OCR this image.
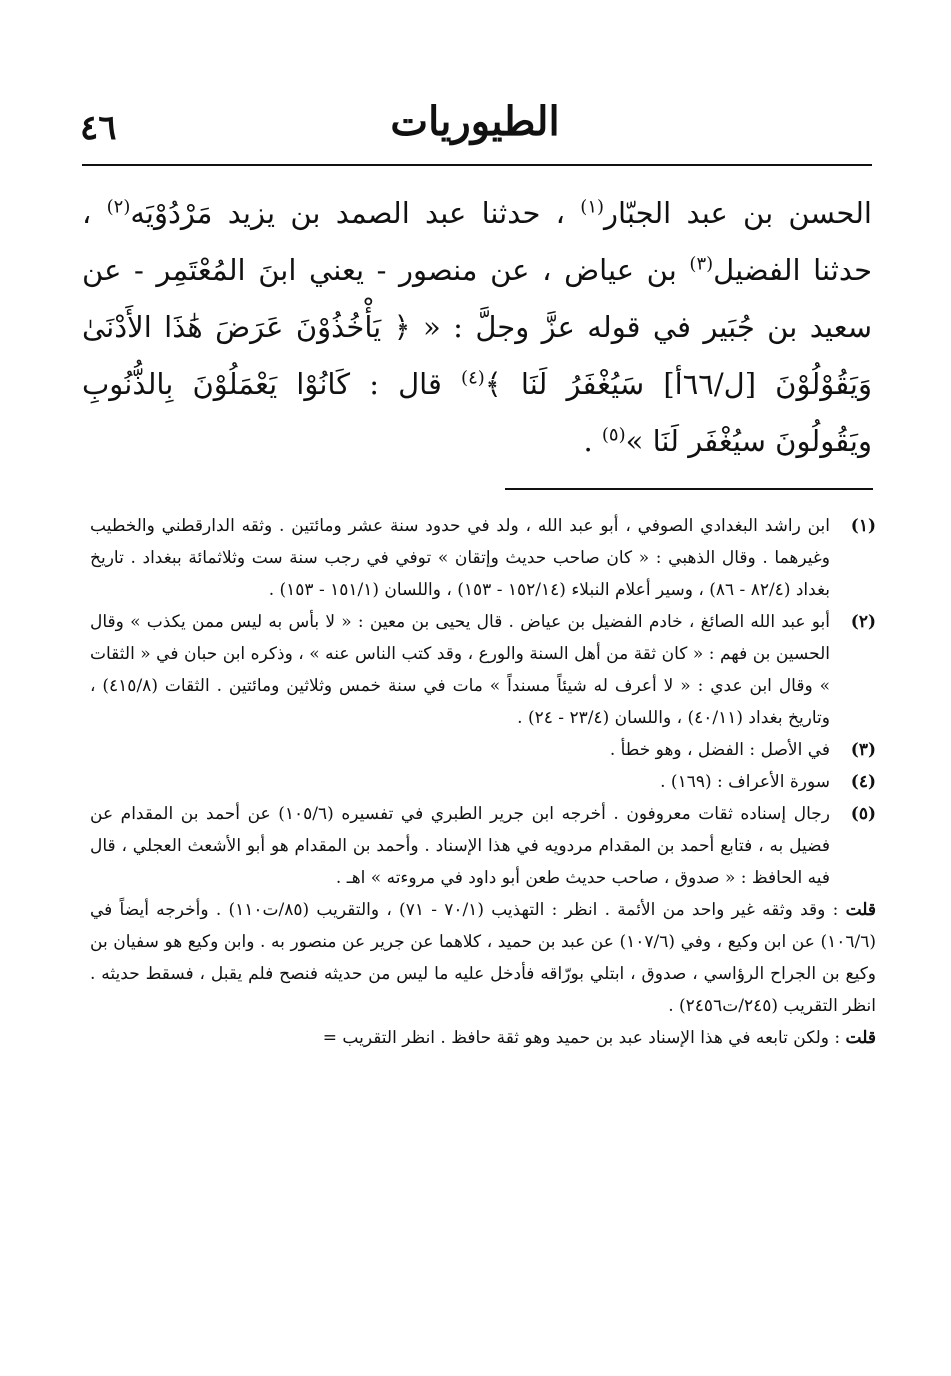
٤٦	الطيوريات

الحسن بن عبد الجبّار$^{(١)}$ ، حدثنا عبد الصمد بن يزيد مَرْدُوْيَه$^{(٢)}$ ، حدثنا الفضيل$^{(٣)}$ بن عياض ، عن منصور - يعني ابنَ المُعْتَمِر - عن سعيد بن جُبَير في قوله عزَّ وجلَّ : « ﴿ يَأْخُذُوْنَ عَرَضَ هَٰذَا الأَدْنَىٰ وَيَقُوْلُوْنَ [ل/٦٦أ] سَيُغْفَرُ لَنَا ﴾$^{(٤)}$ قال : كَانُوْا يَعْمَلُوْنَ بِالذُّنُوبِ ويَقُولُونَ سيُغْفَر لَنَا »$^{(٥)}$ .

(١)
ابن راشد البغدادي الصوفي ، أبو عبد الله ، ولد في حدود سنة عشر ومائتين . وثقه الدارقطني والخطيب وغيرهما . وقال الذهبي : « كان صاحب حديث وإتقان » توفي في رجب سنة ست وثلاثمائة ببغداد . تاريخ بغداد (٨٢/٤ - ٨٦) ، وسير أعلام النبلاء (١٥٢/١٤ - ١٥٣) ، واللسان (١٥١/١ - ١٥٣) .
(٢)
أبو عبد الله الصائغ ، خادم الفضيل بن عياض . قال يحيى بن معين : « لا بأس به ليس ممن يكذب » وقال الحسين بن فهم : « كان ثقة من أهل السنة والورع ، وقد كتب الناس عنه » ، وذكره ابن حبان في « الثقات » وقال ابن عدي : « لا أعرف له شيئاً مسنداً » مات في سنة خمس وثلاثين ومائتين . الثقات (٤١٥/٨) ، وتاريخ بغداد (٤٠/١١) ، واللسان (٢٣/٤ - ٢٤) .
(٣)
في الأصل : الفضل ، وهو خطأ .
(٤)
سورة الأعراف : (١٦٩) .
(٥)
رجال إسناده ثقات معروفون . أخرجه ابن جرير الطبري في تفسيره (١٠٥/٦) عن أحمد بن المقدام عن فضيل به ، فتابع أحمد بن المقدام مردويه في هذا الإسناد . وأحمد بن المقدام هو أبو الأشعث العجلي ، قال فيه الحافظ : « صدوق ، صاحب حديث طعن أبو داود في مروءته » اهـ .
قلت : وقد وثقه غير واحد من الأئمة . انظر : التهذيب (٧٠/١ - ٧١) ، والتقريب (٨٥/ت١١٠) . وأخرجه أيضاً في (١٠٦/٦) عن ابن وكيع ، وفي (١٠٧/٦) عن عبد بن حميد ، كلاهما عن جرير عن منصور به . وابن وكيع هو سفيان بن وكيع بن الجراح الرؤاسي ، صدوق ، ابتلي بورّاقه فأدخل عليه ما ليس من حديثه فنصح فلم يقبل ، فسقط حديثه . انظر التقريب (٢٤٥/ت٢٤٥٦) .
قلت : ولكن تابعه في هذا الإسناد عبد بن حميد وهو ثقة حافظ . انظر التقريب =
